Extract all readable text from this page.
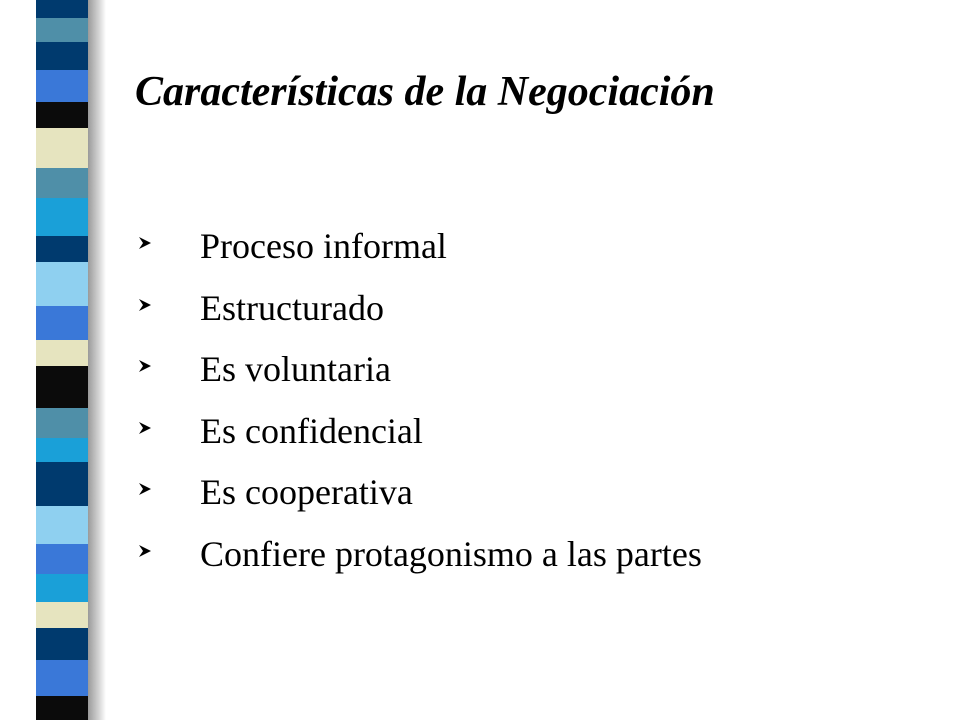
Características de la Negociación
Proceso informal
Estructurado
Es voluntaria
Es confidencial
Es cooperativa
Confiere protagonismo a las partes
